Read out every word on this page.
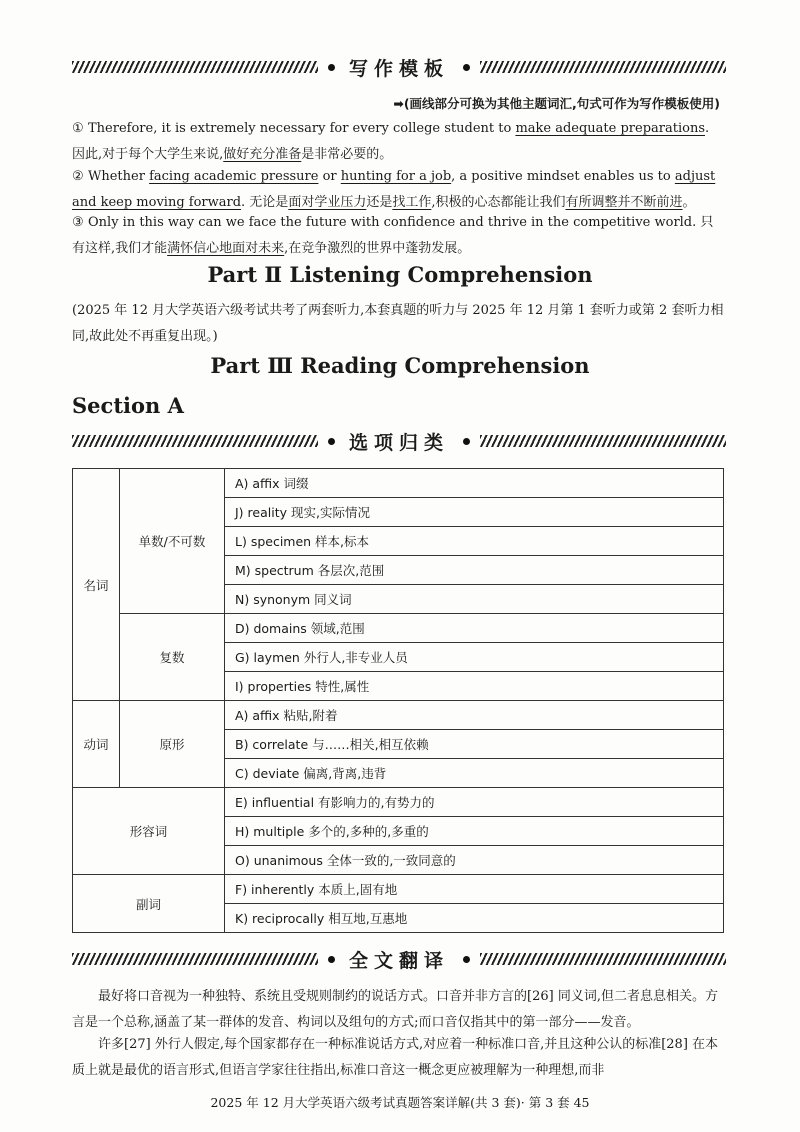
写作模板
➡(画线部分可换为其他主题词汇,句式可作为写作模板使用)
① Therefore, it is extremely necessary for every college student to make adequate preparations. 因此,对于每个大学生来说,做好充分准备是非常必要的。
② Whether facing academic pressure or hunting for a job, a positive mindset enables us to adjust and keep moving forward. 无论是面对学业压力还是找工作,积极的心态都能让我们有所调整并不断前进。
③ Only in this way can we face the future with confidence and thrive in the competitive world. 只有这样,我们才能满怀信心地面对未来,在竞争激烈的世界中蓬勃发展。
Part Ⅱ Listening Comprehension
(2025 年 12 月大学英语六级考试共考了两套听力,本套真题的听力与 2025 年 12 月第 1 套听力或第 2 套听力相同,故此处不再重复出现。)
Part Ⅲ Reading Comprehension
Section A
选项归类
名词	单数/不可数	A) affix 词缀
		J) reality 现实,实际情况
		L) specimen 样本,标本
		M) spectrum 各层次,范围
		N) synonym 同义词
	复数	D) domains 领域,范围
		G) laymen 外行人,非专业人员
		I) properties 特性,属性
动词	原形	A) affix 粘贴,附着
		B) correlate 与……相关,相互依赖
		C) deviate 偏离,背离,违背
形容词		E) influential 有影响力的,有势力的
		H) multiple 多个的,多种的,多重的
		O) unanimous 全体一致的,一致同意的
副词		F) inherently 本质上,固有地
		K) reciprocally 相互地,互惠地
全文翻译
最好将口音视为一种独特、系统且受规则制约的说话方式。口音并非方言的[26] 同义词,但二者息息相关。方言是一个总称,涵盖了某一群体的发音、构词以及组句的方式;而口音仅指其中的第一部分——发音。
许多[27] 外行人假定,每个国家都存在一种标准说话方式,对应着一种标准口音,并且这种公认的标准[28] 在本质上就是最优的语言形式,但语言学家往往指出,标准口音这一概念更应被理解为一种理想,而非
2025 年 12 月大学英语六级考试真题答案详解(共 3 套)· 第 3 套 45
